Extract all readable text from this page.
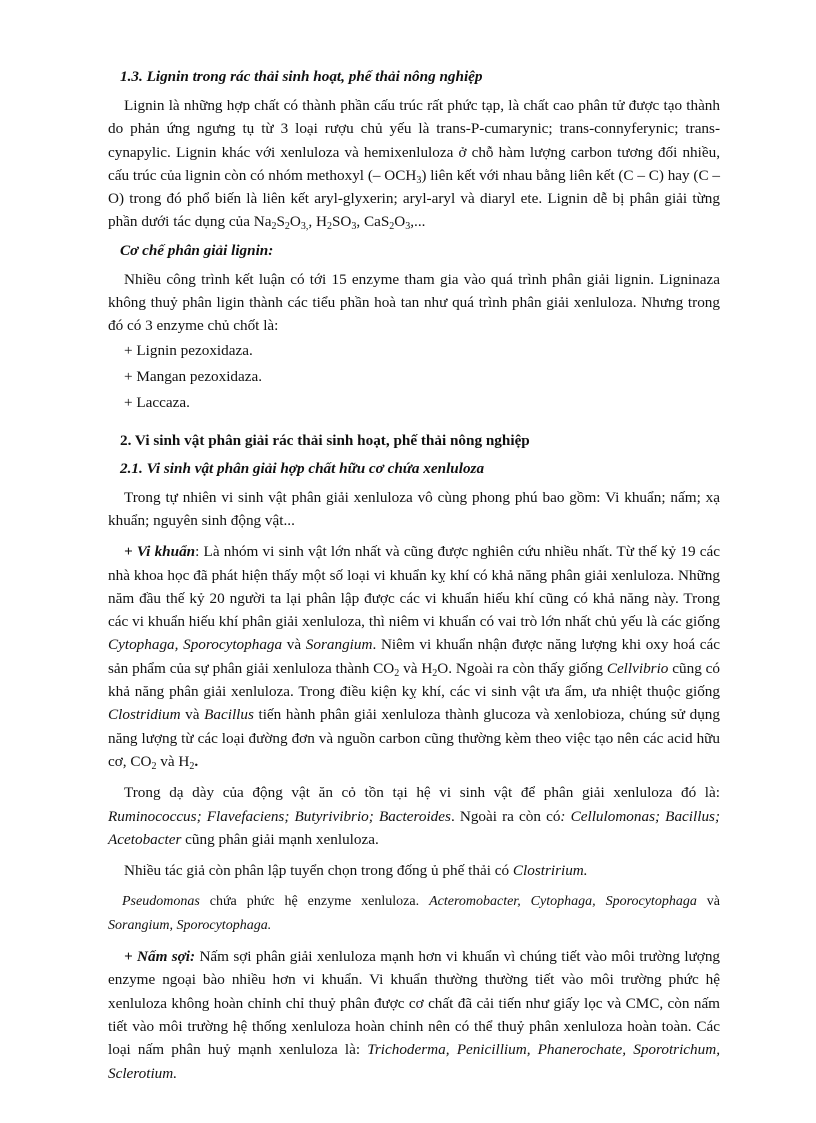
1.3. Lignin trong rác thải sinh hoạt, phế thải nông nghiệp

Lignin là những hợp chất có thành phần cấu trúc rất phức tạp, là chất cao phân tử được tạo thành do phản ứng ngưng tụ từ 3 loại rượu chủ yếu là trans-P-cumarynic; trans-connyferynic; trans-cynapylic. Lignin khác với xenluloza và hemixenluloza ở chỗ hàm lượng carbon tương đối nhiều, cấu trúc của lignin còn có nhóm methoxyl (– $OCH_3$) liên kết với nhau bằng liên kết (C – C) hay (C – O) trong đó phổ biến là liên kết aryl-glyxerin; aryl-aryl và diaryl ete. Lignin dễ bị phân giải từng phần dưới tác dụng của $Na_2S_2O_{3,}$, $H_2SO_3$, $CaS_2O_3$,...

Cơ chế phân giải lignin:

Nhiều công trình kết luận có tới 15 enzyme tham gia vào quá trình phân giải lignin. Ligninaza không thuỷ phân ligin thành các tiểu phần hoà tan như quá trình phân giải xenluloza. Nhưng trong đó có 3 enzyme chủ chốt là:

+ Lignin pezoxidaza.
+ Mangan pezoxidaza.
+ Laccaza.
2. Vi sinh vật phân giải rác thải sinh hoạt, phế thải nông nghiệp
2.1. Vi sinh vật phân giải hợp chất hữu cơ chứa xenluloza

Trong tự nhiên vi sinh vật phân giải xenluloza vô cùng phong phú bao gồm: Vi khuẩn; nấm; xạ khuẩn; nguyên sinh động vật...

+ Vi khuẩn: Là nhóm vi sinh vật lớn nhất và cũng được nghiên cứu nhiều nhất. Từ thế kỷ 19 các nhà khoa học đã phát hiện thấy một số loại vi khuẩn kỵ khí có khả năng phân giải xenluloza. Những năm đầu thế kỷ 20 người ta lại phân lập được các vi khuẩn hiếu khí cũng có khả năng này. Trong các vi khuẩn hiếu khí phân giải xenluloza, thì niêm vi khuẩn có vai trò lớn nhất chủ yếu là các giống Cytophaga, Sporocytophaga và Sorangium. Niêm vi khuẩn nhận được năng lượng khi oxy hoá các sản phẩm của sự phân giải xenluloza thành $CO_2$ và $H_2O$. Ngoài ra còn thấy giống Cellvibrio cũng có khả năng phân giải xenluloza. Trong điều kiện kỵ khí, các vi sinh vật ưa ẩm, ưa nhiệt thuộc giống Clostridium và Bacillus tiến hành phân giải xenluloza thành glucoza và xenlobioza, chúng sử dụng năng lượng từ các loại đường đơn và nguồn carbon cũng thường kèm theo việc tạo nên các acid hữu cơ, $CO_2$ và $H_2$.

Trong dạ dày của động vật ăn cỏ tồn tại hệ vi sinh vật để phân giải xenluloza đó là: Ruminococcus; Flavefaciens; Butyrivibrio; Bacteroides. Ngoài ra còn có: Cellulomonas; Bacillus; Acetobacter cũng phân giải mạnh xenluloza.

Nhiều tác giả còn phân lập tuyển chọn trong đống ủ phế thải có Clostririum.

Pseudomonas chứa phức hệ enzyme xenluloza. Acteromobacter, Cytophaga, Sporocytophaga và Sorangium, Sporocytophaga.

+ Nấm sợi: Nấm sợi phân giải xenluloza mạnh hơn vi khuẩn vì chúng tiết vào môi trường lượng enzyme ngoại bào nhiều hơn vi khuẩn. Vi khuẩn thường thường tiết vào môi trường phức hệ xenluloza không hoàn chỉnh chỉ thuỷ phân được cơ chất đã cải tiến như giấy lọc và CMC, còn nấm tiết vào môi trường hệ thống xenluloza hoàn chỉnh nên có thể thuỷ phân xenluloza hoàn toàn. Các loại nấm phân huỷ mạnh xenluloza là: Trichoderma, Penicillium, Phanerochate, Sporotrichum, Sclerotium.
